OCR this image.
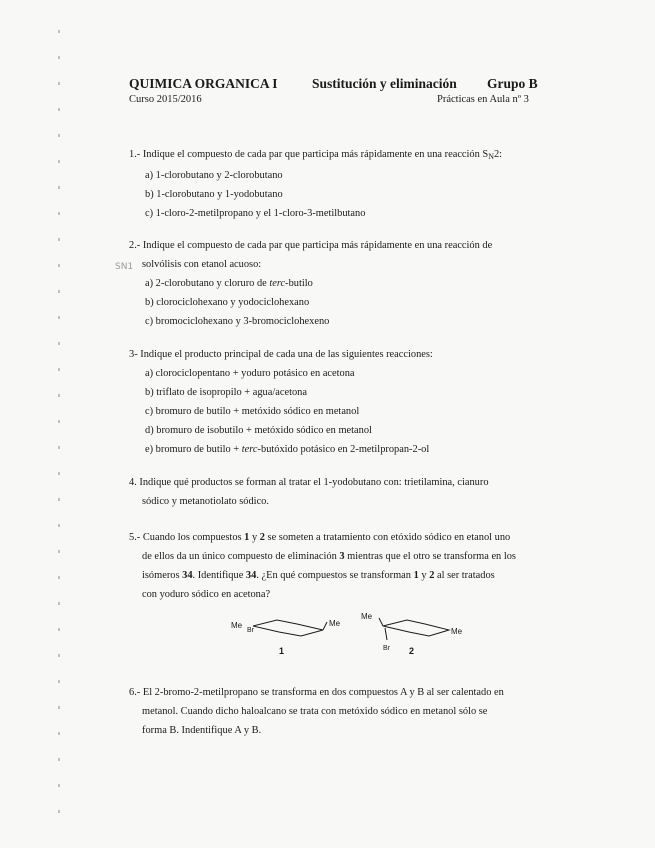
QUIMICA ORGANICA I
Curso 2015/2016
Sustitución y eliminación Grupo B
Prácticas en Aula nº 3
1.- Indique el compuesto de cada par que participa más rápidamente en una reacción $S_N2$:
a) 1-clorobutano y 2-clorobutano
b) 1-clorobutano y 1-yodobutano
c) 1-cloro-2-metilpropano y el 1-cloro-3-metilbutano
SN1
2.- Indique el compuesto de cada par que participa más rápidamente en una reacción de
solvólisis con etanol acuoso:
a) 2-clorobutano y cloruro de terc-butilo
b) clorociclohexano y yodociclohexano
c) bromociclohexano y 3-bromociclohexeno
3- Indique el producto principal de cada una de las siguientes reacciones:
a) clorociclopentano + yoduro potásico en acetona
b) triflato de isopropilo + agua/acetona
c) bromuro de butilo + metóxido sódico en metanol
d) bromuro de isobutilo + metóxido sódico en metanol
e) bromuro de butilo + terc-butóxido potásico en 2-metilpropan-2-ol
4. Indique qué productos se forman al tratar el 1-yodobutano con: trietilamina, cianuro
sódico y metanotiolato sódico.
5.- Cuando los compuestos 1 y 2 se someten a tratamiento con etóxido sódico en etanol uno
de ellos da un único compuesto de eliminación 3 mientras que el otro se transforma en los
isómeros 34. Identifique 34. ¿En qué compuestos se transforman 1 y 2 al ser tratados
con yoduro sódico en acetona?
Me
Br
Me
1
Me
Me
Br 2
6.- El 2-bromo-2-metilpropano se transforma en dos compuestos A y B al ser calentado en
metanol. Cuando dicho haloalcano se trata con metóxido sódico en metanol sólo se
forma B. Indentifique A y B.
